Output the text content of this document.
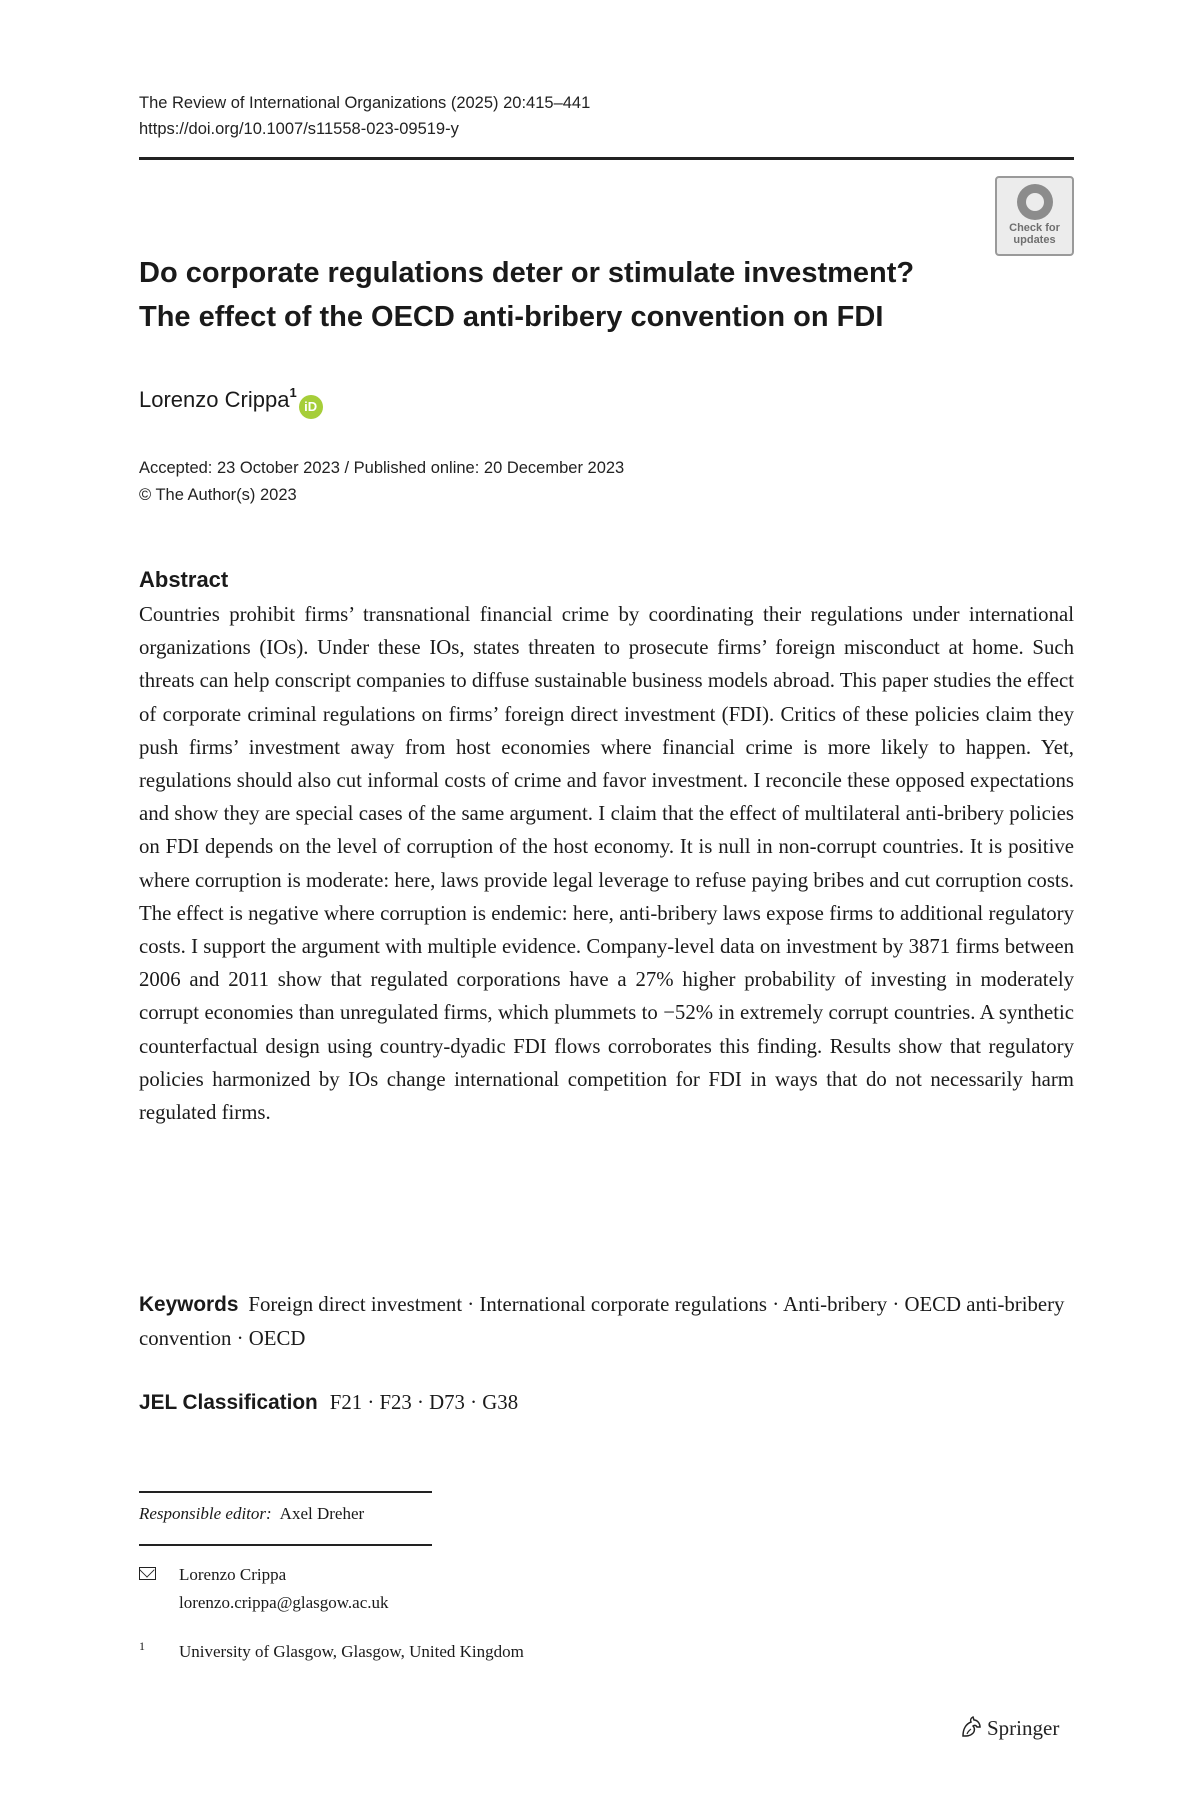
The Review of International Organizations (2025) 20:415–441
https://doi.org/10.1007/s11558-023-09519-y
Check for updates
Do corporate regulations deter or stimulate investment?
The effect of the OECD anti-bribery convention on FDI
Lorenzo Crippa$^1$iD
Accepted: 23 October 2023 / Published online: 20 December 2023
© The Author(s) 2023
Abstract
Countries prohibit firms’ transnational financial crime by coordinating their regulations under international organizations (IOs). Under these IOs, states threaten to prosecute firms’ foreign misconduct at home. Such threats can help conscript companies to diffuse sustainable business models abroad. This paper studies the effect of corporate criminal regulations on firms’ foreign direct investment (FDI). Critics of these policies claim they push firms’ investment away from host economies where financial crime is more likely to happen. Yet, regulations should also cut informal costs of crime and favor investment. I reconcile these opposed expectations and show they are special cases of the same argument. I claim that the effect of multilateral anti-bribery policies on FDI depends on the level of corruption of the host economy. It is null in non-corrupt countries. It is positive where corruption is moderate: here, laws provide legal leverage to refuse paying bribes and cut corruption costs. The effect is negative where corruption is endemic: here, anti-bribery laws expose firms to additional regulatory costs. I support the argument with multiple evidence. Company-level data on investment by 3871 firms between 2006 and 2011 show that regulated corporations have a 27% higher probability of investing in moderately corrupt economies than unregulated firms, which plummets to −52% in extremely corrupt countries. A synthetic counterfactual design using country-dyadic FDI flows corroborates this finding. Results show that regulatory policies harmonized by IOs change international competition for FDI in ways that do not necessarily harm regulated firms.
Keywords Foreign direct investment · International corporate regulations · Anti-bribery · OECD anti-bribery convention · OECD
JEL Classification F21 · F23 · D73 · G38
Responsible editor: Axel Dreher
Lorenzo Crippa
lorenzo.crippa@glasgow.ac.uk
1 University of Glasgow, Glasgow, United Kingdom
Springer
